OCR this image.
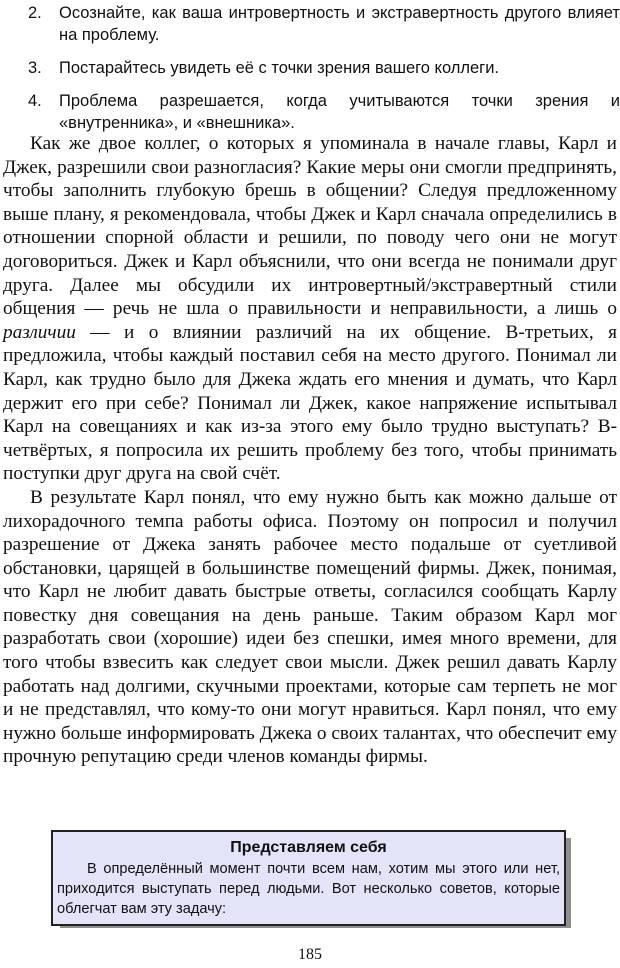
2.	Осознайте, как ваша интровертность и экстравертность другого влияет на проблему.
3.	Постарайтесь увидеть её с точки зрения вашего коллеги.
4.	Проблема разрешается, когда учитываются точки зрения и «внутренника», и «внешника».

Как же двое коллег, о которых я упоминала в начале главы, Карл и Джек, разрешили свои разногласия? Какие меры они смогли предпринять, чтобы заполнить глубокую брешь в общении? Следуя предложенному выше плану, я рекомендовала, чтобы Джек и Карл сначала определились в отношении спорной области и решили, по поводу чего они не могут договориться. Джек и Карл объяснили, что они всегда не понимали друг друга. Далее мы обсудили их интровертный/экстравертный стили общения — речь не шла о правильности и неправильности, а лишь о различии — и о влиянии различий на их общение. В-третьих, я предложила, чтобы каждый поставил себя на место другого. Понимал ли Карл, как трудно было для Джека ждать его мнения и думать, что Карл держит его при себе? Понимал ли Джек, какое напряжение испытывал Карл на совещаниях и как из-за этого ему было трудно выступать? В-четвёртых, я попросила их решить проблему без того, чтобы принимать поступки друг друга на свой счёт.

В результате Карл понял, что ему нужно быть как можно дальше от лихорадочного темпа работы офиса. Поэтому он попросил и получил разрешение от Джека занять рабочее место подальше от суетливой обстановки, царящей в большинстве помещений фирмы. Джек, понимая, что Карл не любит давать быстрые ответы, согласился сообщать Карлу повестку дня совещания на день раньше. Таким образом Карл мог разработать свои (хорошие) идеи без спешки, имея много времени, для того чтобы взвесить как следует свои мысли. Джек решил давать Карлу работать над долгими, скучными проектами, которые сам терпеть не мог и не представлял, что кому-то они могут нравиться. Карл понял, что ему нужно больше информировать Джека о своих талантах, что обеспечит ему прочную репутацию среди членов команды фирмы.

Представляем себя
В определённый момент почти всем нам, хотим мы этого или нет, приходится выступать перед людьми. Вот несколько советов, которые облегчат вам эту задачу:
185
